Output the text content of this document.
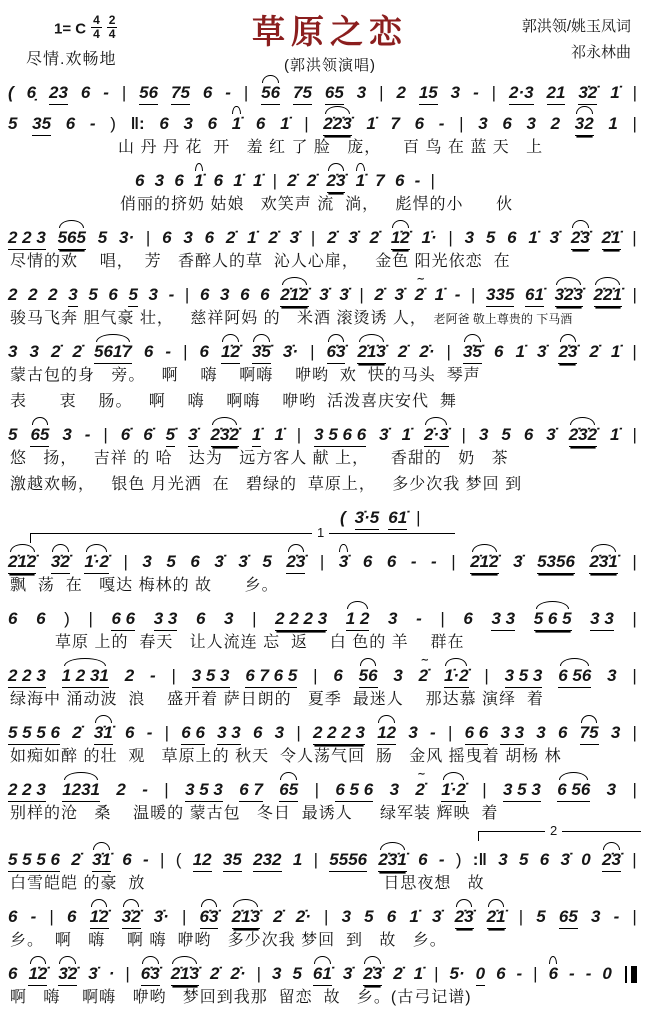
1= C $\frac{4}{4} \frac{2}{4}$
尽情.欢畅地
草原之恋
(郭洪领演唱)
郭洪领/姚玉凤词
祁永林曲
( 6̣ 23 6 - | 56 75 6 - | 56 75 65 3 | 2 15 3 - | 2·3 21 3̇2̇ 1̇ |
5 35 6 - ) ‖: 6 3 6 1̇ 6 1̇ | 2̇2̇3̇ 1̇ 7 6 - | 3 6 3 2 32 1 |
山 丹 丹 花  开   羞 红 了 脸   庞，    百 鸟 在 蓝 天   上
6 3 6 1̇ 6 1̇ 1̇ | 2̇ 2̇ 2̇3̇ 1̇ 7 6 - |
俏丽的挤奶 姑娘   欢笑声 流  淌，   彪悍的小      伙
2 2 3 565 5 3· | 6 3 6 2̇ 1̇ 2̇ 3̇ | 2̇ 3̇ 2̇ 1̇2̇ 1̇· | 3 5 6 1̇ 3̇ 2̇3̇ 2̇1̇ |
尽情的欢    唱，  芳   香醉人的草  沁人心扉，   金色 阳光依恋  在
2 2 2 3 5 6 5 3 - | 6 3 6 6 2̇1̇2̇ 3̇ 3̇ | 2̇ 3̇ 2̇ ∼ 1̇ - | 335 61̇ 3̇2̇3̇ 2̇2̇1̇ |
骏马飞奔 胆气豪 壮，   慈祥阿妈 的   米酒 滚烫诱 人，  老阿爸 敬上尊贵的 下马酒
3 3 2̇ 2̇ 561̇7 6 - | 6 1̇2̇ 3̇5̇ 3̇· | 6̇3̇ 2̇1̇3̇ 2̇ 2̇· | 3̇5̇ 6 1̇ 3̇ 2̇3̇ 2̇ 1̇ |
蒙古包的身   旁。   啊    嗨    啊嗨    咿哟  欢  快的马头  琴声
表      衷    肠。   啊    嗨    啊嗨    咿哟  活泼喜庆安代  舞
5 65 3 - | 6̇ 6̇ 5̇ 3̇ 2̇3̇2̇ 1̇ 1̇ | 3 5 6 6 3̇ 1̇ 2̇·3̇ | 3 5 6 3̇ 2̇3̇2̇ 1̇ |
悠   扬，   吉祥 的 哈   达为   远方客人 献 上，    香甜的   奶   茶
激越欢畅，   银色 月光洒  在   碧绿的  草原上，   多少次我 梦回 到
( 3̇·5 61̇ |
1
2̇1̇2̇ 3̇2̇ 1̇·2̇ | 3 5 6 3̇ 3̇ 5 2̇3̇ | 3̇ 6 6 - - | 2̇1̇2̇ 3̇ 5356 2̇3̇1̇ |
飘  荡  在   嘎达 梅林的 故      乡。
6 6 ) | 6 6 3 3 6 3 | 2 2 2 3 1 2 3 - | 6 3 3 5 6 5 3 3 |
草原 上的  春天   让人流连 忘  返    白 色的 羊    群在
2 2 3 1 2 31 2 - | 3 5 3 6 7 6 5 | 6 56 3 2̇ ∼ 1̇·2̇ | 3 5 3 6 56 3 |
绿海中 涌动波  浪    盛开着 萨日朗的   夏季  最迷人    那达慕 演绎  着
5 5 5 6 2̇ 3̇1̇ 6 - | 6 6 3 3 6 3 | 2 2 2 3 12 3 - | 6 6 3 3 3 6 75 3 |
如痴如醉 的壮  观   草原上的 秋天  令人荡气回  肠   金风 摇曳着 胡杨 林
2 2 3 1231 2 - | 3 5 3 6 7 65 | 6 5 6 3 2̇ ∼ 1̇·2̇ | 3 5 3 6 56 3 |
别样的沧   桑    温暖的 蒙古包   冬日  最诱人     绿军装 辉映  着
2
5 5 5 6 2̇ 3̇1̇ 6 - | ( 12 35 232 1 | 5556 2̇3̇1̇ 6 - ) :‖ 3 5 6 3̇ 0 2̇3̇ |
白雪皑皑 的豪  放　　　　　　　　　　　　　　日思夜想   故
6 - | 6 1̇2̇ 3̇2̇ 3̇· | 6̇3̇ 2̇1̇3̇ 2̇ 2̇· | 3 5 6 1̇ 3̇ 2̇3̇ 2̇1̇ | 5 65 3 - |
乡。  啊   嗨    啊 嗨  咿哟   多少次我 梦回  到   故   乡。
6 1̇2̇ 3̇2̇ 3̇ · | 6̇3̇ 2̇1̇3̇ 2̇ 2̇· | 3 5 61̇ 3̇ 2̇3̇ 2̇ 1̇ | 5· 0 6 - | 6 - - 0
啊   嗨    啊嗨   咿哟   梦回到我那  留恋  故   乡。(古弓记谱)
